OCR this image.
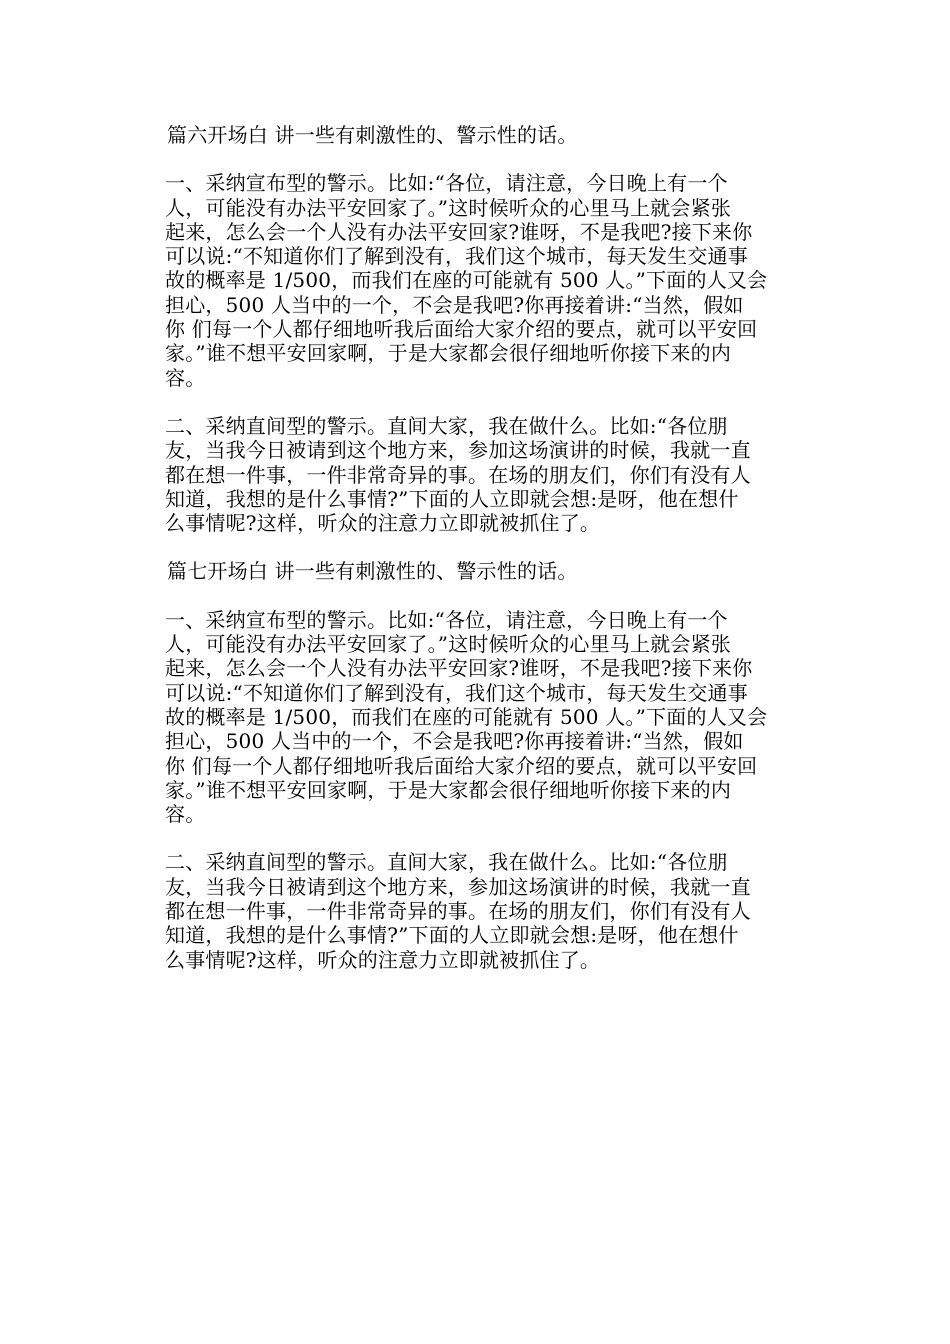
篇六开场白 讲一些有刺激性的、警示性的话。
一、采纳宣布型的警示。比如:“各位，请注意，今日晚上有一个
人，可能没有办法平安回家了。”这时候听众的心里马上就会紧张
起来，怎么会一个人没有办法平安回家?谁呀，不是我吧?接下来你
可以说:“不知道你们了解到没有，我们这个城市，每天发生交通事
故的概率是 1/500，而我们在座的可能就有 500 人。”下面的人又会
担心，500 人当中的一个，不会是我吧?你再接着讲:“当然，假如
你 们每一个人都仔细地听我后面给大家介绍的要点，就可以平安回
家。”谁不想平安回家啊，于是大家都会很仔细地听你接下来的内
容。
二、采纳直间型的警示。直间大家，我在做什么。比如:“各位朋
友，当我今日被请到这个地方来，参加这场演讲的时候，我就一直
都在想一件事，一件非常奇异的事。在场的朋友们，你们有没有人
知道，我想的是什么事情?”下面的人立即就会想:是呀，他在想什
么事情呢?这样，听众的注意力立即就被抓住了。
篇七开场白 讲一些有刺激性的、警示性的话。
一、采纳宣布型的警示。比如:“各位，请注意，今日晚上有一个
人，可能没有办法平安回家了。”这时候听众的心里马上就会紧张
起来，怎么会一个人没有办法平安回家?谁呀，不是我吧?接下来你
可以说:“不知道你们了解到没有，我们这个城市，每天发生交通事
故的概率是 1/500，而我们在座的可能就有 500 人。”下面的人又会
担心，500 人当中的一个，不会是我吧?你再接着讲:“当然，假如
你 们每一个人都仔细地听我后面给大家介绍的要点，就可以平安回
家。”谁不想平安回家啊，于是大家都会很仔细地听你接下来的内
容。
二、采纳直间型的警示。直间大家，我在做什么。比如:“各位朋
友，当我今日被请到这个地方来，参加这场演讲的时候，我就一直
都在想一件事，一件非常奇异的事。在场的朋友们，你们有没有人
知道，我想的是什么事情?”下面的人立即就会想:是呀，他在想什
么事情呢?这样，听众的注意力立即就被抓住了。
